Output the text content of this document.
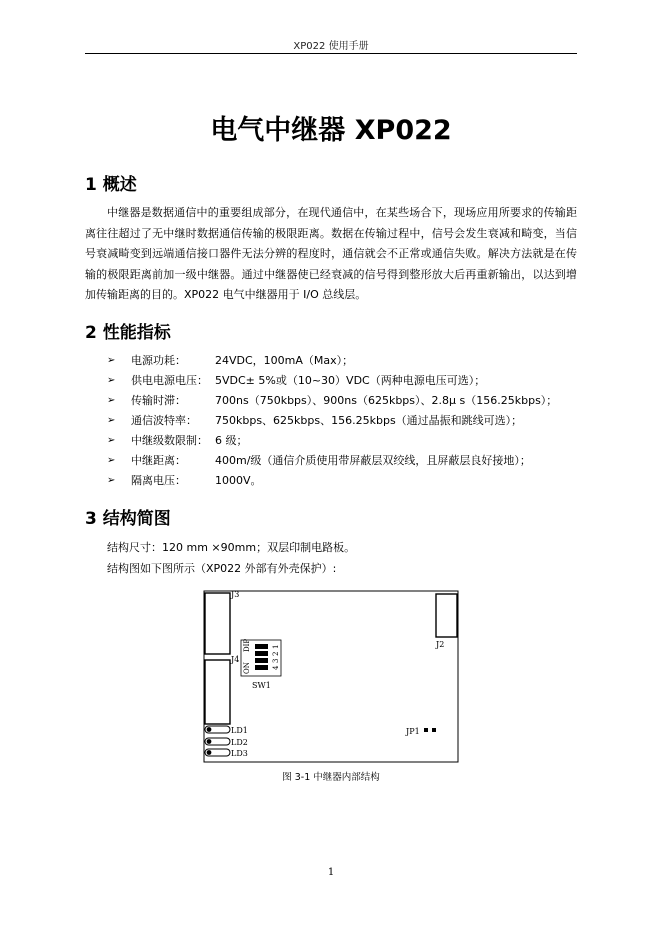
XP022 使用手册
电气中继器 XP022
1 概述

中继器是数据通信中的重要组成部分，在现代通信中，在某些场合下，现场应用所要求的传输距离往往超过了无中继时数据通信传输的极限距离。数据在传输过程中，信号会发生衰减和畸变，当信号衰减畸变到远端通信接口器件无法分辨的程度时，通信就会不正常或通信失败。解决方法就是在传输的极限距离前加一级中继器。通过中继器使已经衰减的信号得到整形放大后再重新输出，以达到增加传输距离的目的。XP022 电气中继器用于 I/O 总线层。

2 性能指标
➢	电源功耗：	24VDC，100mA（Max）；
➢	供电电源电压： 5VDC± 5%或（10~30）VDC（两种电源电压可选）；
➢	传输时滞：	700ns（750kbps）、900ns（625kbps）、2.8μ s（156.25kbps）；
➢	通信波特率：	750kbps、625kbps、156.25kbps（通过晶振和跳线可选）；
➢	中继级数限制： 6 级；
➢	中继距离：	400m/级（通信介质使用带屏蔽层双绞线，且屏蔽层良好接地）；
➢	隔离电压：	1000V。
3 结构简图

结构尺寸：120 mm ×90mm；双层印制电路板。

结构图如下图所示（XP022 外部有外壳保护）:

J3
J4
J2
ON
DIP	1
2
3
4
SW1
LD1
LD2
LD3
JP1
图 3-1 中继器内部结构
1
